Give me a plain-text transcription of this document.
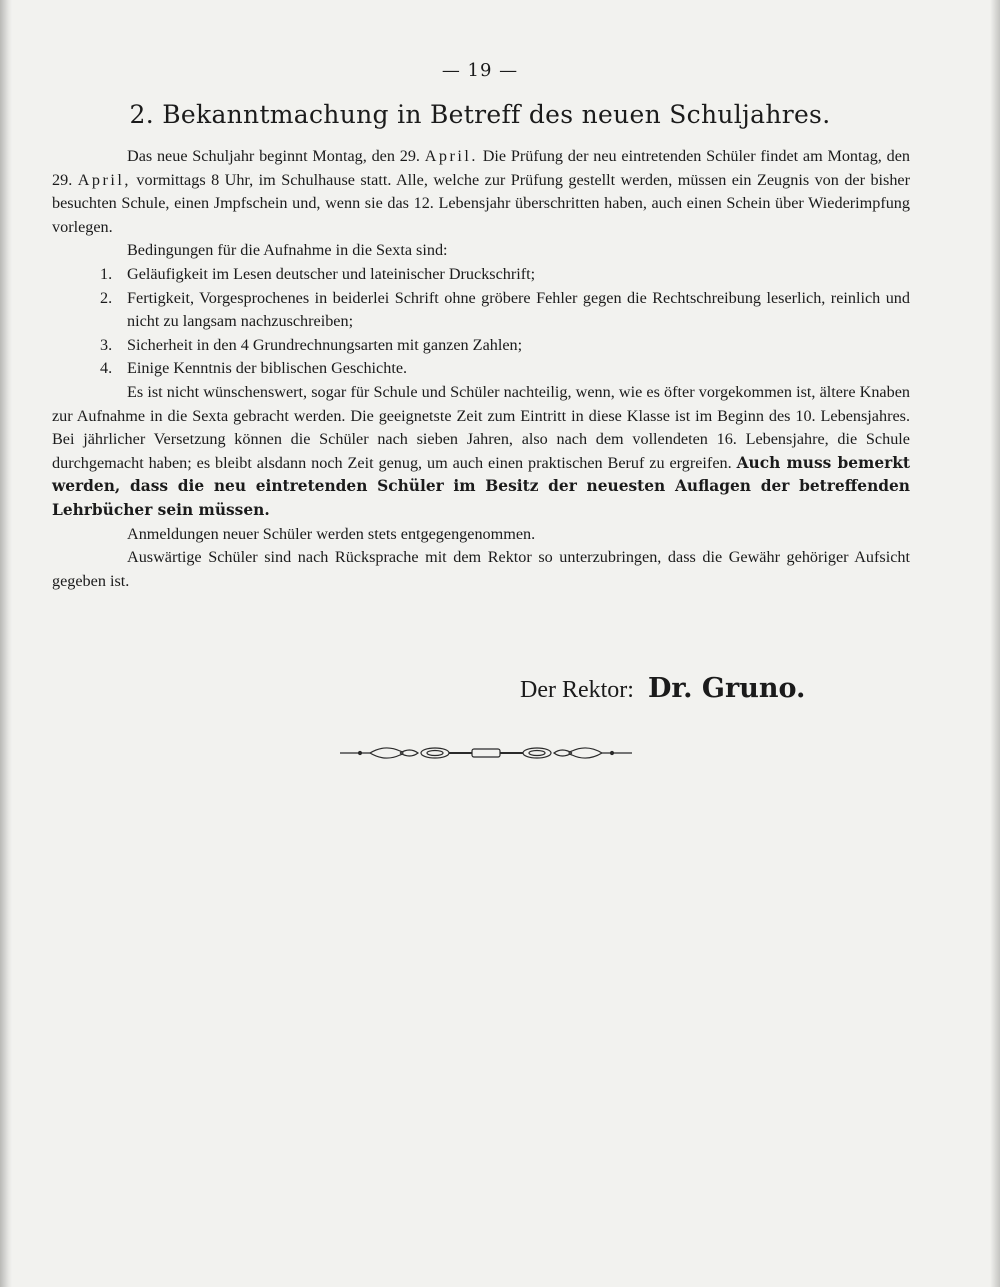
— 19 —
2. Bekanntmachung in Betreff des neuen Schuljahres.

Das neue Schuljahr beginnt Montag, den 29. April. Die Prüfung der neu eintretenden Schüler findet am Montag, den 29. April, vormittags 8 Uhr, im Schulhause statt. Alle, welche zur Prüfung gestellt werden, müssen ein Zeugnis von der bisher besuchten Schule, einen Jmpfschein und, wenn sie das 12. Lebensjahr überschritten haben, auch einen Schein über Wiederimpfung vorlegen.

Bedingungen für die Aufnahme in die Sexta sind:

1. Geläufigkeit im Lesen deutscher und lateinischer Druckschrift;
2. Fertigkeit, Vorgesprochenes in beiderlei Schrift ohne gröbere Fehler gegen die Rechtschreibung leserlich, reinlich und nicht zu langsam nachzuschreiben;
3. Sicherheit in den 4 Grundrechnungsarten mit ganzen Zahlen;
4. Einige Kenntnis der biblischen Geschichte.

Es ist nicht wünschenswert, sogar für Schule und Schüler nachteilig, wenn, wie es öfter vorgekommen ist, ältere Knaben zur Aufnahme in die Sexta gebracht werden. Die geeignetste Zeit zum Eintritt in diese Klasse ist im Beginn des 10. Lebensjahres. Bei jährlicher Versetzung können die Schüler nach sieben Jahren, also nach dem vollendeten 16. Lebensjahre, die Schule durchgemacht haben; es bleibt alsdann noch Zeit genug, um auch einen praktischen Beruf zu ergreifen. Auch muss bemerkt werden, dass die neu eintretenden Schüler im Besitz der neuesten Auflagen der betreffenden Lehrbücher sein müssen.

Anmeldungen neuer Schüler werden stets entgegengenommen.

Auswärtige Schüler sind nach Rücksprache mit dem Rektor so unterzubringen, dass die Gewähr gehöriger Aufsicht gegeben ist.

Der Rektor: Dr. Gruno.
